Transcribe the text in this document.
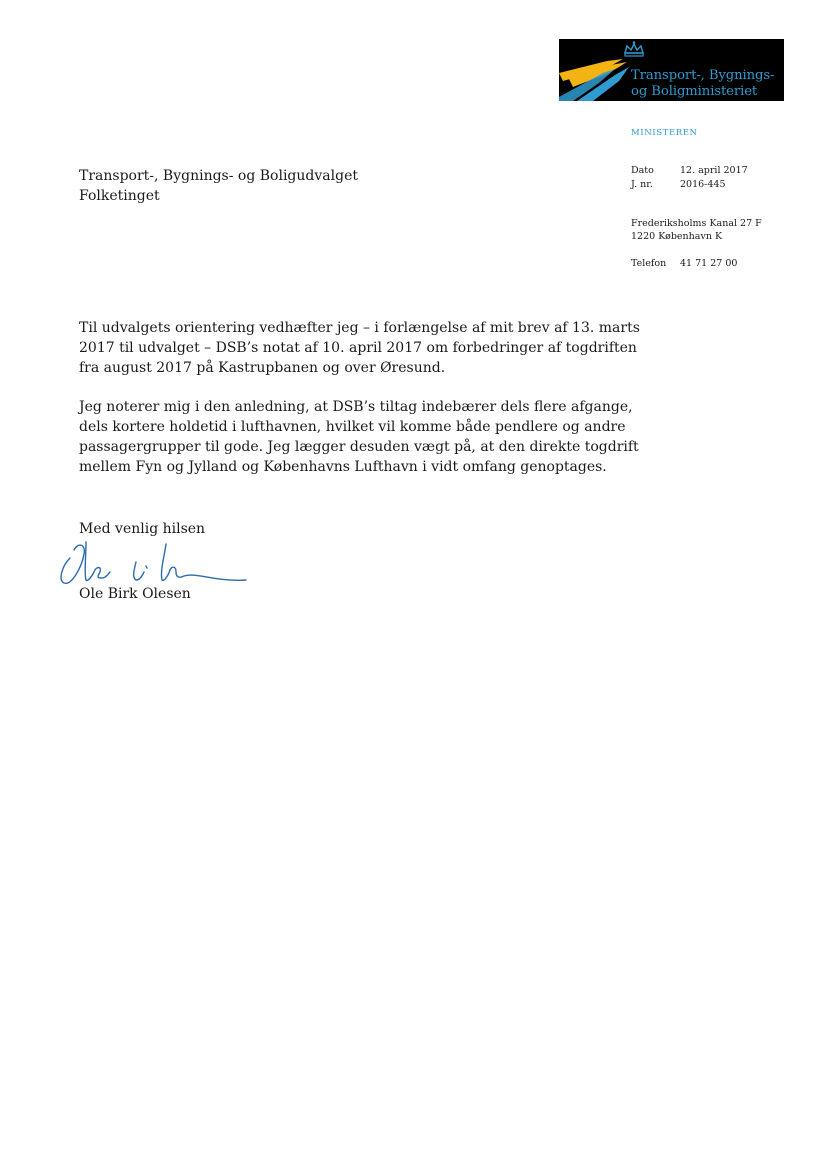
Transport-, Bygnings-
og Boligministeriet
MINISTEREN
Dato	12. april 2017
J. nr.	2016-445
Frederiksholms Kanal 27 F
1220 København K
Telefon 41 71 27 00
Transport-, Bygnings- og Boligudvalget
Folketinget
Til udvalgets orientering vedhæfter jeg – i forlængelse af mit brev af 13. marts
2017 til udvalget – DSB’s notat af 10. april 2017 om forbedringer af togdriften
fra august 2017 på Kastrupbanen og over Øresund.
Jeg noterer mig i den anledning, at DSB’s tiltag indebærer dels flere afgange,
dels kortere holdetid i lufthavnen, hvilket vil komme både pendlere og andre
passagergrupper til gode. Jeg lægger desuden vægt på, at den direkte togdrift
mellem Fyn og Jylland og Københavns Lufthavn i vidt omfang genoptages.
Med venlig hilsen
Ole Birk Olesen
